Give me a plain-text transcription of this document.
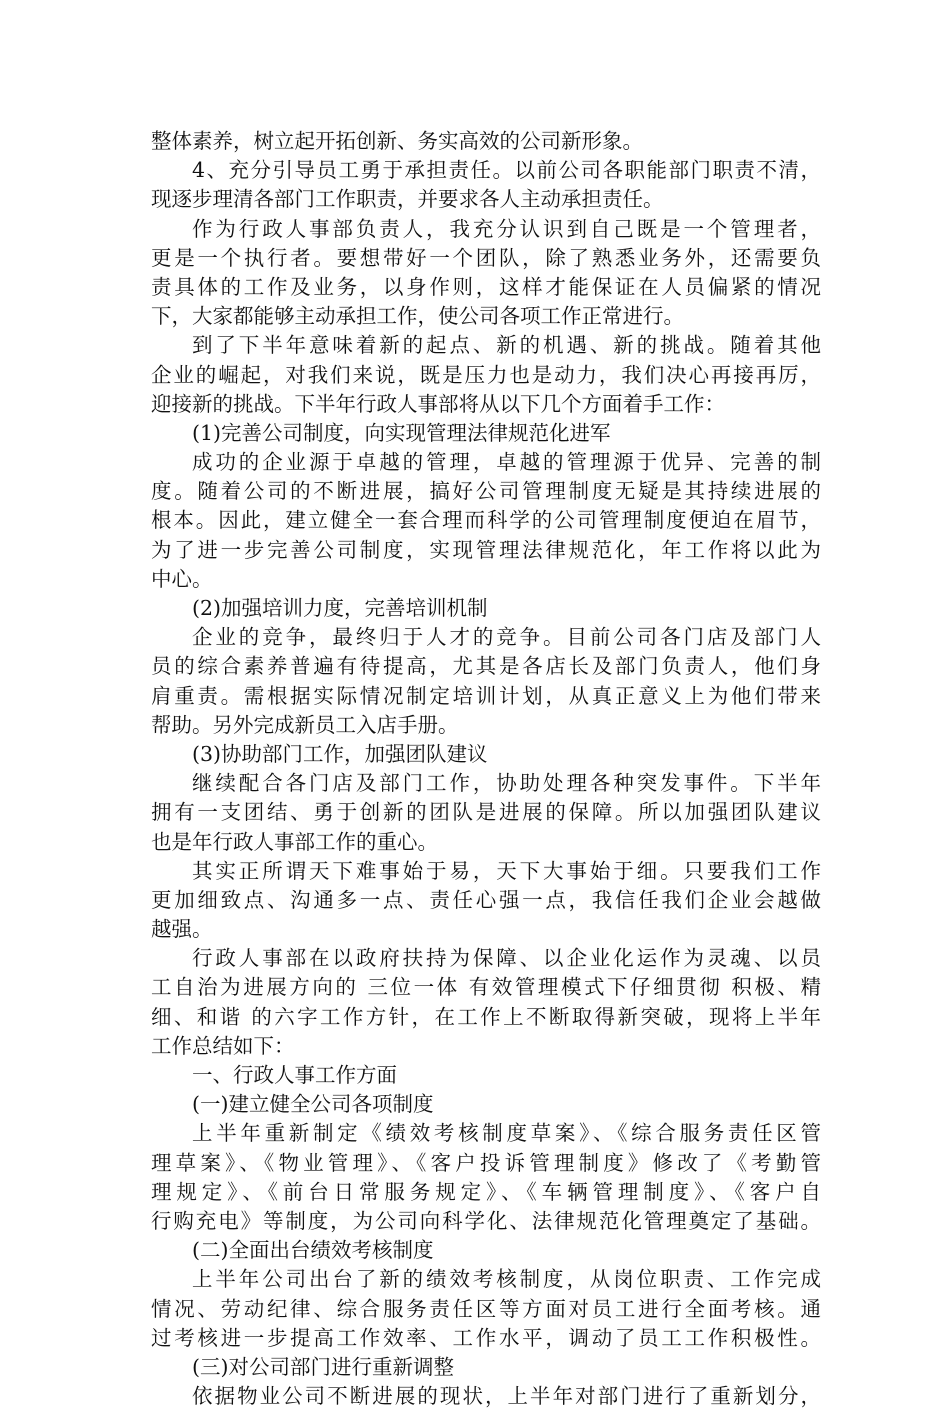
整体素养，树立起开拓创新、务实高效的公司新形象。
4、充分引导员工勇于承担责任。以前公司各职能部门职责不清，
现逐步理清各部门工作职责，并要求各人主动承担责任。
作为行政人事部负责人，我充分认识到自己既是一个管理者，
更是一个执行者。要想带好一个团队，除了熟悉业务外，还需要负
责具体的工作及业务，以身作则，这样才能保证在人员偏紧的情况
下，大家都能够主动承担工作，使公司各项工作正常进行。
到了下半年意味着新的起点、新的机遇、新的挑战。随着其他
企业的崛起，对我们来说，既是压力也是动力，我们决心再接再厉，
迎接新的挑战。下半年行政人事部将从以下几个方面着手工作：
(1)完善公司制度，向实现管理法律规范化进军
成功的企业源于卓越的管理，卓越的管理源于优异、完善的制
度。随着公司的不断进展，搞好公司管理制度无疑是其持续进展的
根本。因此，建立健全一套合理而科学的公司管理制度便迫在眉节，
为了进一步完善公司制度，实现管理法律规范化，年工作将以此为
中心。
(2)加强培训力度，完善培训机制
企业的竞争，最终归于人才的竞争。目前公司各门店及部门人
员的综合素养普遍有待提高，尤其是各店长及部门负责人，他们身
肩重责。需根据实际情况制定培训计划，从真正意义上为他们带来
帮助。另外完成新员工入店手册。
(3)协助部门工作，加强团队建议
继续配合各门店及部门工作，协助处理各种突发事件。下半年
拥有一支团结、勇于创新的团队是进展的保障。所以加强团队建议
也是年行政人事部工作的重心。
其实正所谓天下难事始于易，天下大事始于细。只要我们工作
更加细致点、沟通多一点、责任心强一点，我信任我们企业会越做
越强。
行政人事部在以政府扶持为保障、以企业化运作为灵魂、以员
工自治为进展方向的 三位一体 有效管理模式下仔细贯彻 积极、精
细、和谐 的六字工作方针，在工作上不断取得新突破，现将上半年
工作总结如下：
一、行政人事工作方面
(一)建立健全公司各项制度
上半年重新制定《绩效考核制度草案》、《综合服务责任区管
理草案》、《物业管理》、《客户投诉管理制度》修改了《考勤管
理规定》、《前台日常服务规定》、《车辆管理制度》、《客户自
行购充电》等制度，为公司向科学化、法律规范化管理奠定了基础。
(二)全面出台绩效考核制度
上半年公司出台了新的绩效考核制度，从岗位职责、工作完成
情况、劳动纪律、综合服务责任区等方面对员工进行全面考核。通
过考核进一步提高工作效率、工作水平，调动了员工工作积极性。
(三)对公司部门进行重新调整
依据物业公司不断进展的现状，上半年对部门进行了重新划分，
